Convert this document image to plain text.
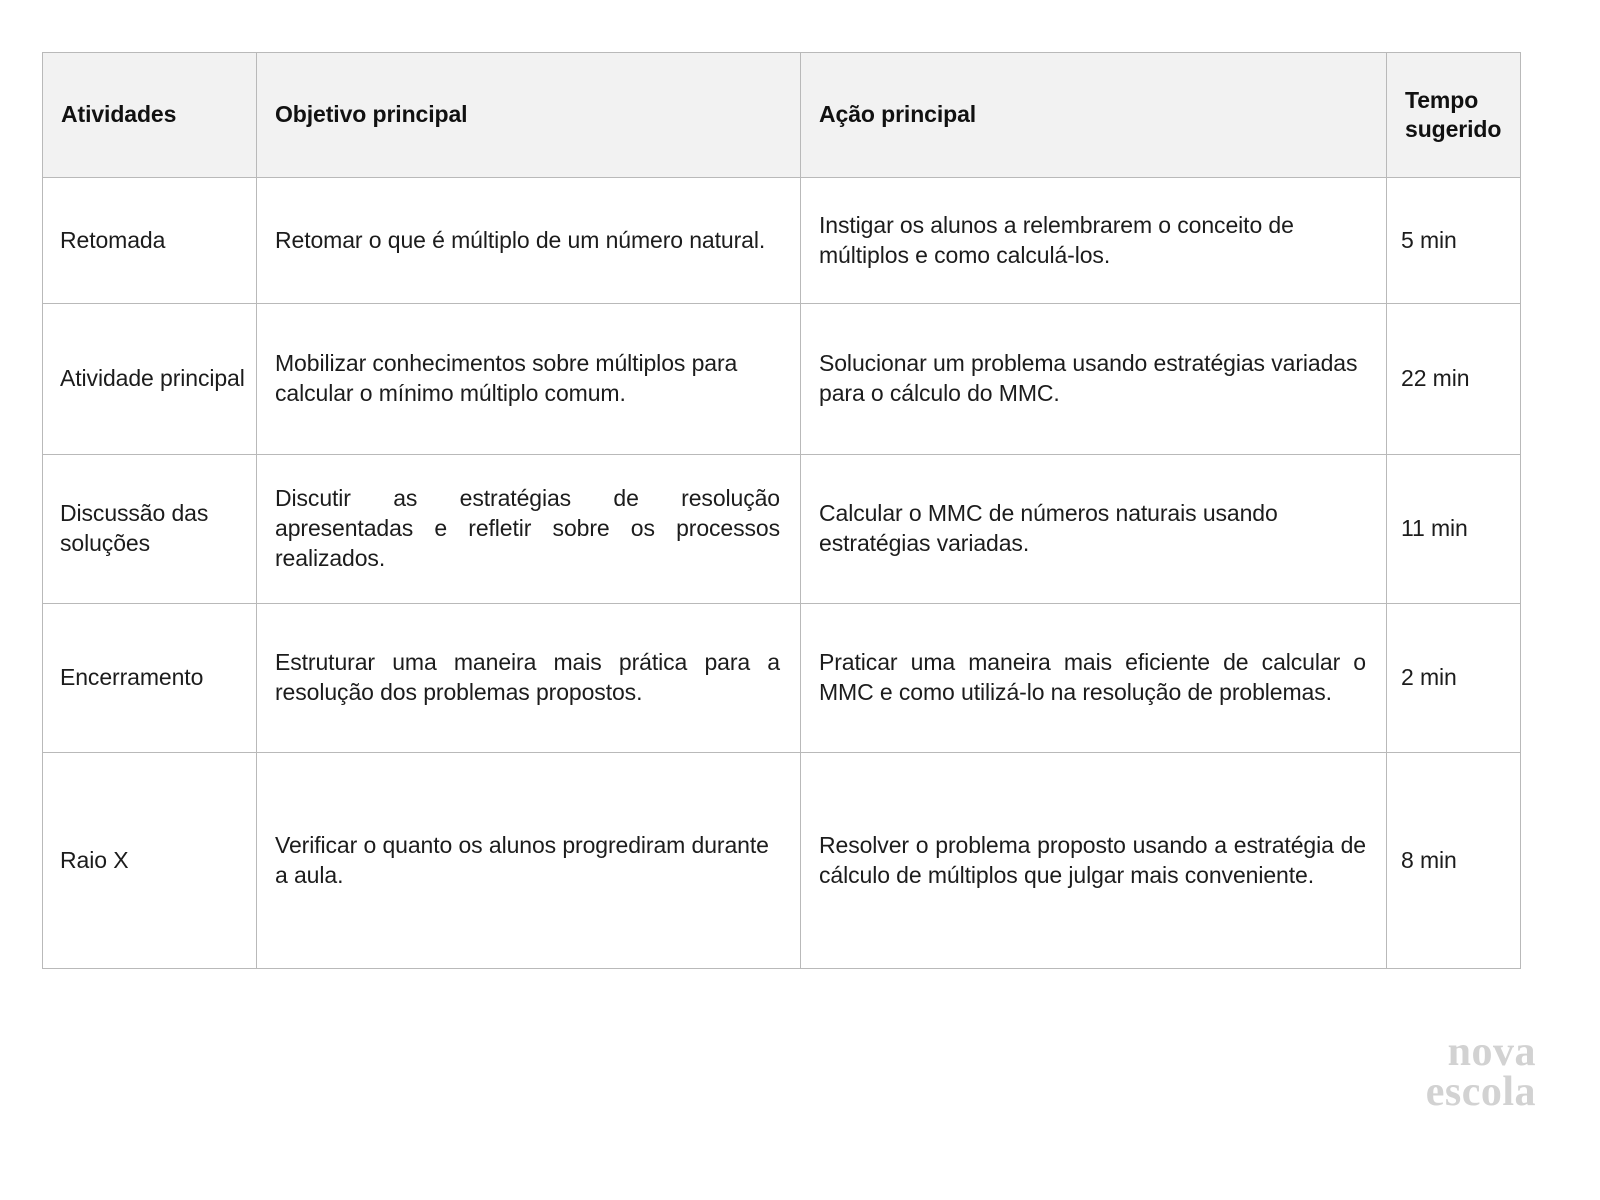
Atividades	Objetivo principal	Ação principal	Tempo sugerido

Retomada	Retomar o que é múltiplo de um número natural.	Instigar os alunos a relembrarem o conceito de múltiplos e como calculá-los.	5 min

Atividade principal	Mobilizar conhecimentos sobre múltiplos para calcular o mínimo múltiplo comum.	Solucionar um problema usando estratégias variadas para o cálculo do MMC.	22 min

Discussão das soluções	Discutir as estratégias de resolução apresentadas e refletir sobre os processos realizados.	Calcular o MMC de números naturais usando estratégias variadas.	11 min

Encerramento	Estruturar uma maneira mais prática para a resolução dos problemas propostos.	Praticar uma maneira mais eficiente de calcular o MMC e como utilizá-lo na resolução de problemas.	2 min

Raio X	Verificar o quanto os alunos progrediram durante a aula.	Resolver o problema proposto usando a estratégia de cálculo de múltiplos que julgar mais conveniente.	8 min
nova
escola
